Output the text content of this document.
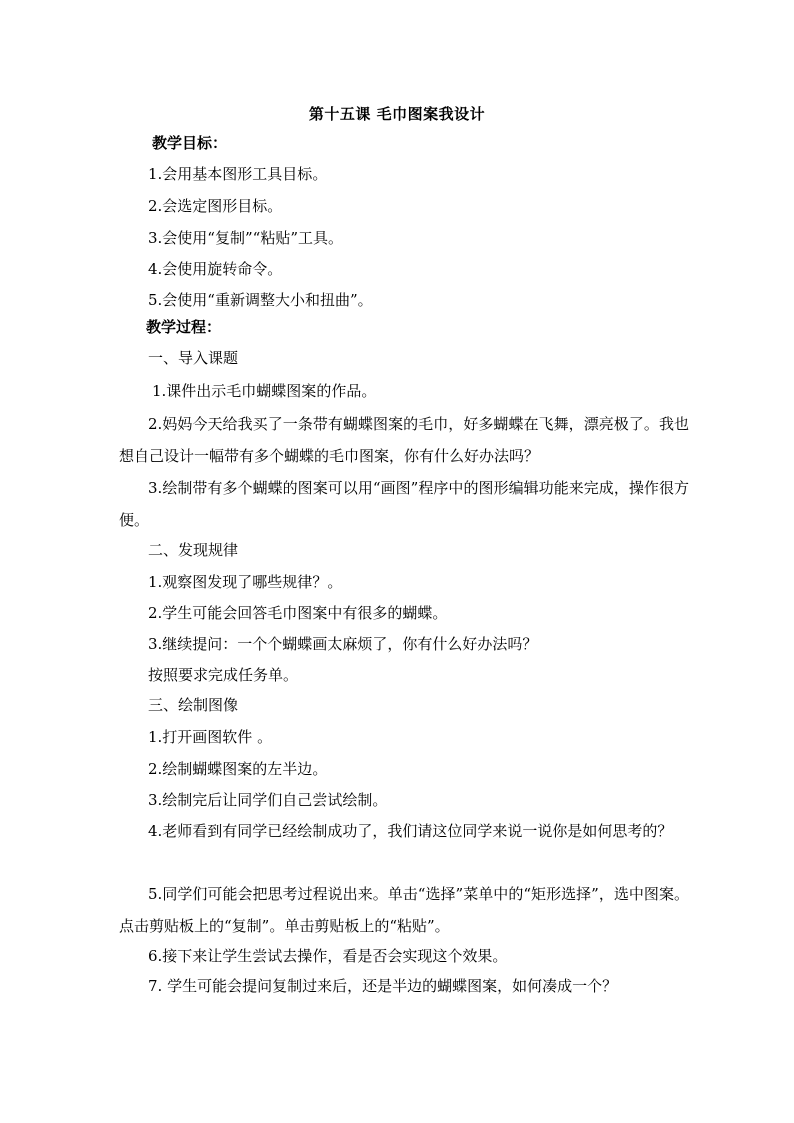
第十五课 毛巾图案我设计
教学目标：
1.会用基本图形工具目标。
2.会选定图形目标。
3.会使用“复制”“粘贴”工具。
4.会使用旋转命令。
5.会使用“重新调整大小和扭曲”。
教学过程：
一、导入课题
1.课件出示毛巾蝴蝶图案的作品。
2.妈妈今天给我买了一条带有蝴蝶图案的毛巾，好多蝴蝶在飞舞，漂亮极了。我也想自己设计一幅带有多个蝴蝶的毛巾图案，你有什么好办法吗？
3.绘制带有多个蝴蝶的图案可以用“画图”程序中的图形编辑功能来完成，操作很方便。
二、发现规律
1.观察图发现了哪些规律？。
2.学生可能会回答毛巾图案中有很多的蝴蝶。
3.继续提问：一个个蝴蝶画太麻烦了，你有什么好办法吗？
按照要求完成任务单。
三、绘制图像
1.打开画图软件 。
2.绘制蝴蝶图案的左半边。
3.绘制完后让同学们自己尝试绘制。
4.老师看到有同学已经绘制成功了，我们请这位同学来说一说你是如何思考的？
5.同学们可能会把思考过程说出来。单击“选择”菜单中的“矩形选择”，选中图案。 点击剪贴板上的“复制”。单击剪贴板上的“粘贴”。
6.接下来让学生尝试去操作，看是否会实现这个效果。
7. 学生可能会提问复制过来后，还是半边的蝴蝶图案，如何凑成一个？
